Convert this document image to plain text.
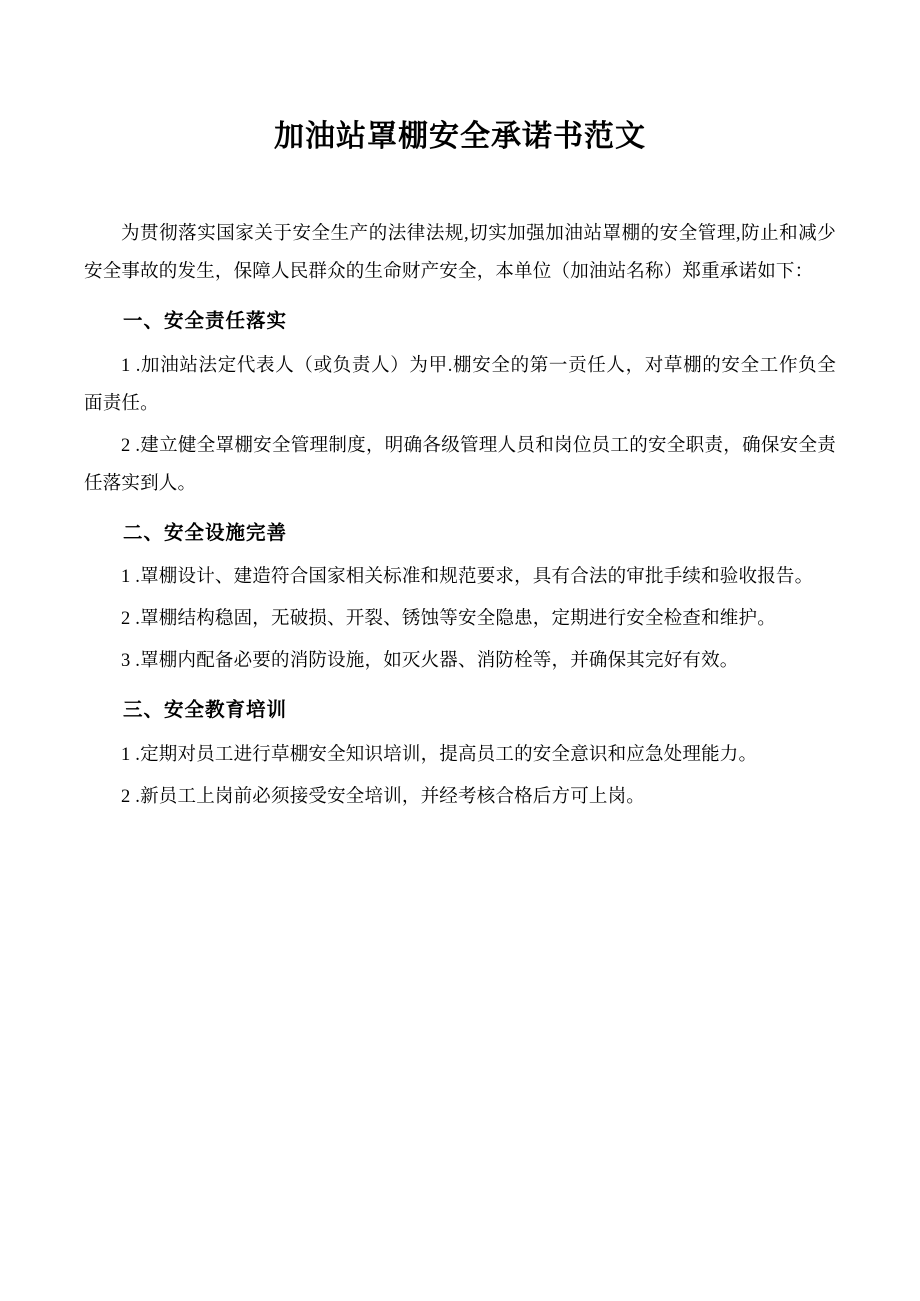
加油站罩棚安全承诺书范文

为贯彻落实国家关于安全生产的法律法规,切实加强加油站罩棚的安全管理,防止和减少安全事故的发生，保障人民群众的生命财产安全，本单位（加油站名称）郑重承诺如下：

一、安全责任落实

1 .加油站法定代表人（或负责人）为甲.棚安全的第一贡任人，对草棚的安全工作负全面责任。

2 .建立健全罩棚安全管理制度，明确各级管理人员和岗位员工的安全职责，确保安全责任落实到人。

二、安全设施完善

1 .罩棚设计、建造符合国家相关标准和规范要求，具有合法的审批手续和验收报告。

2 .罩棚结构稳固，无破损、开裂、锈蚀等安全隐患，定期进行安全检查和维护。

3 .罩棚内配备必要的消防设施，如灭火器、消防栓等，并确保其完好有效。

三、安全教育培训

1 .定期对员工进行草棚安全知识培训，提高员工的安全意识和应急处理能力。

2 .新员工上岗前必须接受安全培训，并经考核合格后方可上岗。
